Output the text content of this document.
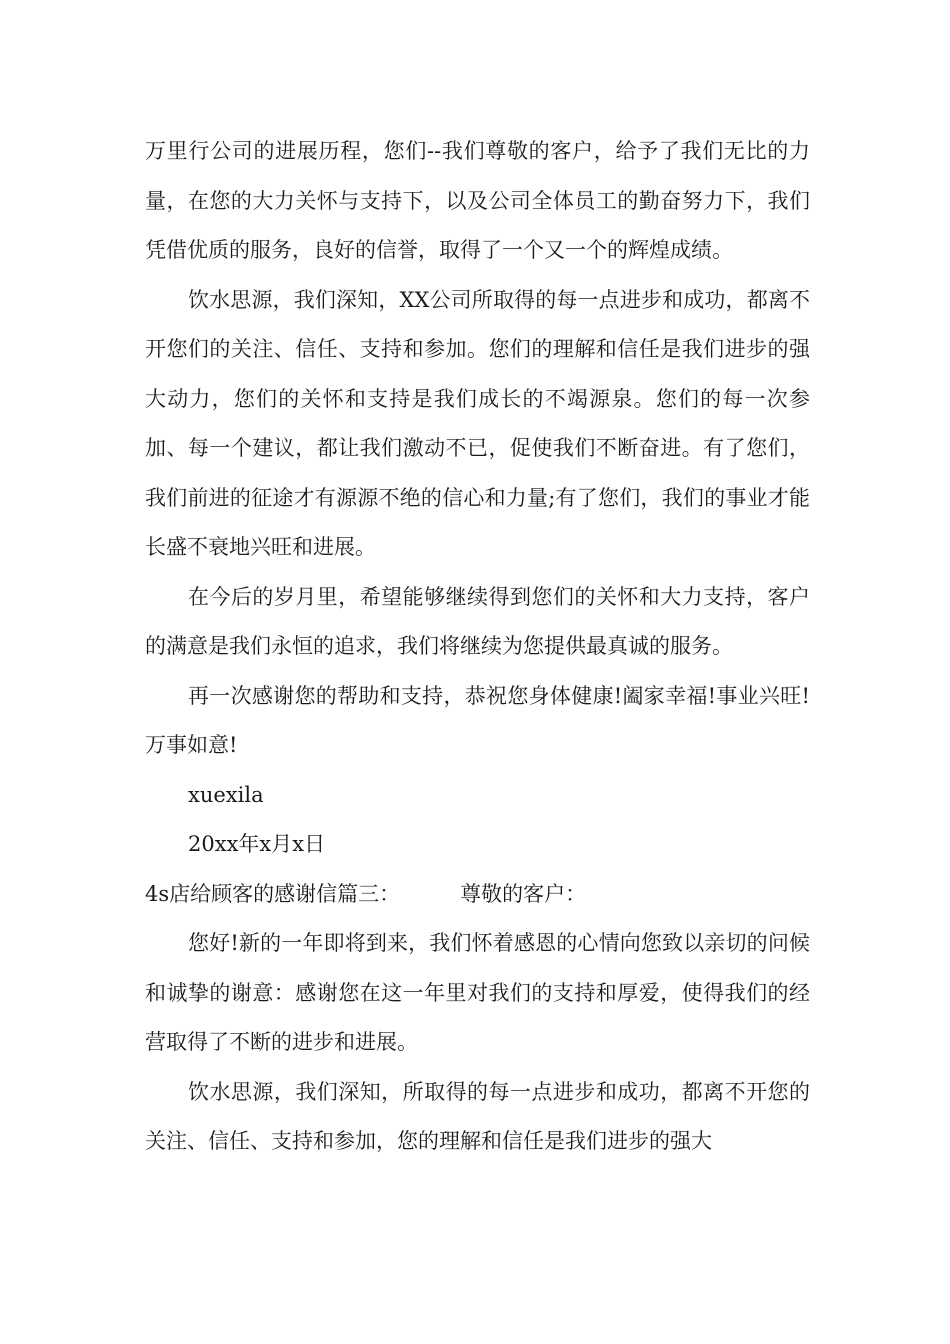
万里行公司的进展历程，您们--我们尊敬的客户，给予了我们无比的力量，在您的大力关怀与支持下，以及公司全体员工的勤奋努力下，我们凭借优质的服务，良好的信誉，取得了一个又一个的辉煌成绩。

饮水思源，我们深知，XX公司所取得的每一点进步和成功，都离不开您们的关注、信任、支持和参加。您们的理解和信任是我们进步的强大动力，您们的关怀和支持是我们成长的不竭源泉。您们的每一次参加、每一个建议，都让我们激动不已，促使我们不断奋进。有了您们，我们前进的征途才有源源不绝的信心和力量;有了您们，我们的事业才能长盛不衰地兴旺和进展。

在今后的岁月里，希望能够继续得到您们的关怀和大力支持，客户的满意是我们永恒的追求，我们将继续为您提供最真诚的服务。

再一次感谢您的帮助和支持，恭祝您身体健康!阖家幸福!事业兴旺!万事如意!

xuexila

20xx年x月x日

4s店给顾客的感谢信篇三：	尊敬的客户：

您好!新的一年即将到来，我们怀着感恩的心情向您致以亲切的问候和诚挚的谢意：感谢您在这一年里对我们的支持和厚爱，使得我们的经营取得了不断的进步和进展。

饮水思源，我们深知，所取得的每一点进步和成功，都离不开您的关注、信任、支持和参加，您的理解和信任是我们进步的强大
